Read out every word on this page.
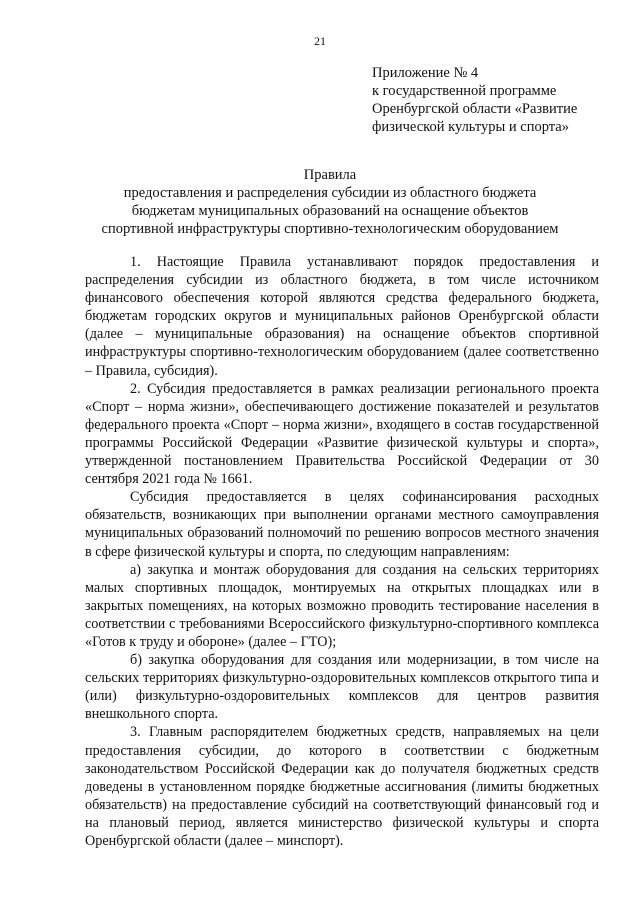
21
Приложение № 4
к государственной программе
Оренбургской области «Развитие
физической культуры и спорта»
Правила
предоставления и распределения субсидии из областного бюджета
бюджетам муниципальных образований на оснащение объектов
спортивной инфраструктуры спортивно-технологическим оборудованием

1. Настоящие Правила устанавливают порядок предоставления и распределения субсидии из областного бюджета, в том числе источником финансового обеспечения которой являются средства федерального бюджета, бюджетам городских округов и муниципальных районов Оренбургской области (далее – муниципальные образования) на оснащение объектов спортивной инфраструктуры спортивно-технологическим оборудованием (далее соответственно – Правила, субсидия).

2. Субсидия предоставляется в рамках реализации регионального проекта «Спорт – норма жизни», обеспечивающего достижение показателей и результатов федерального проекта «Спорт – норма жизни», входящего в состав государственной программы Российской Федерации «Развитие физической культуры и спорта», утвержденной постановлением Правительства Российской Федерации от 30 сентября 2021 года № 1661.

Субсидия предоставляется в целях софинансирования расходных обязательств, возникающих при выполнении органами местного самоуправления муниципальных образований полномочий по решению вопросов местного значения в сфере физической культуры и спорта, по следующим направлениям:

а) закупка и монтаж оборудования для создания на сельских территориях малых спортивных площадок, монтируемых на открытых площадках или в закрытых помещениях, на которых возможно проводить тестирование населения в соответствии с требованиями Всероссийского физкультурно-спортивного комплекса «Готов к труду и обороне» (далее – ГТО);

б) закупка оборудования для создания или модернизации, в том числе на сельских территориях физкультурно-оздоровительных комплексов открытого типа и (или) физкультурно-оздоровительных комплексов для центров развития внешкольного спорта.

3. Главным распорядителем бюджетных средств, направляемых на цели предоставления субсидии, до которого в соответствии с бюджетным законодательством Российской Федерации как до получателя бюджетных средств доведены в установленном порядке бюджетные ассигнования (лимиты бюджетных обязательств) на предоставление субсидий на соответствующий финансовый год и на плановый период, является министерство физической культуры и спорта Оренбургской области (далее – минспорт).
